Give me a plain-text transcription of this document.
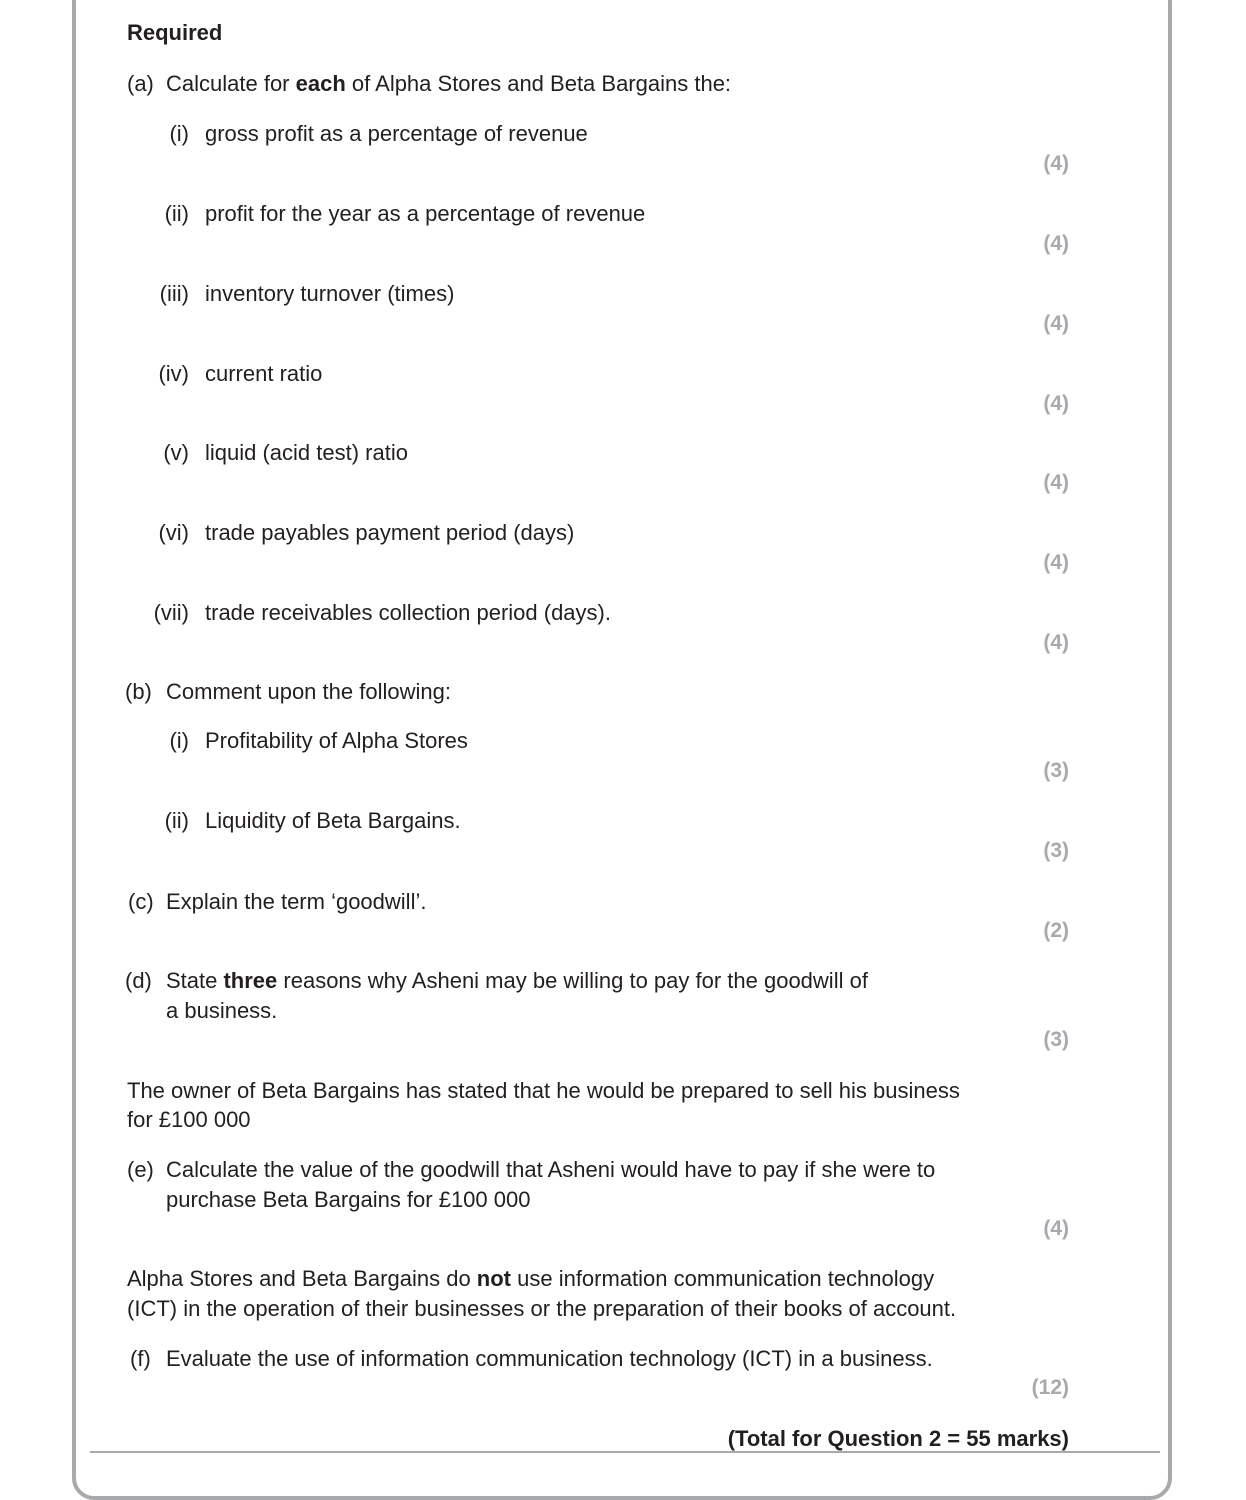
Required
(a) Calculate for each of Alpha Stores and Beta Bargains the:
(i) gross profit as a percentage of revenue
(4)
(ii) profit for the year as a percentage of revenue
(4)
(iii) inventory turnover (times)
(4)
(iv) current ratio
(4)
(v) liquid (acid test) ratio
(4)
(vi) trade payables payment period (days)
(4)
(vii) trade receivables collection period (days).
(4)
(b) Comment upon the following:
(i) Profitability of Alpha Stores
(3)
(ii) Liquidity of Beta Bargains.
(3)
(c) Explain the term ‘goodwill’.
(2)
(d) State three reasons why Asheni may be willing to pay for the goodwill of
a business.
(3)
The owner of Beta Bargains has stated that he would be prepared to sell his business
for £100 000
(e) Calculate the value of the goodwill that Asheni would have to pay if she were to
purchase Beta Bargains for £100 000
(4)
Alpha Stores and Beta Bargains do not use information communication technology
(ICT) in the operation of their businesses or the preparation of their books of account.
(f) Evaluate the use of information communication technology (ICT) in a business.
(12)
(Total for Question 2 = 55 marks)
